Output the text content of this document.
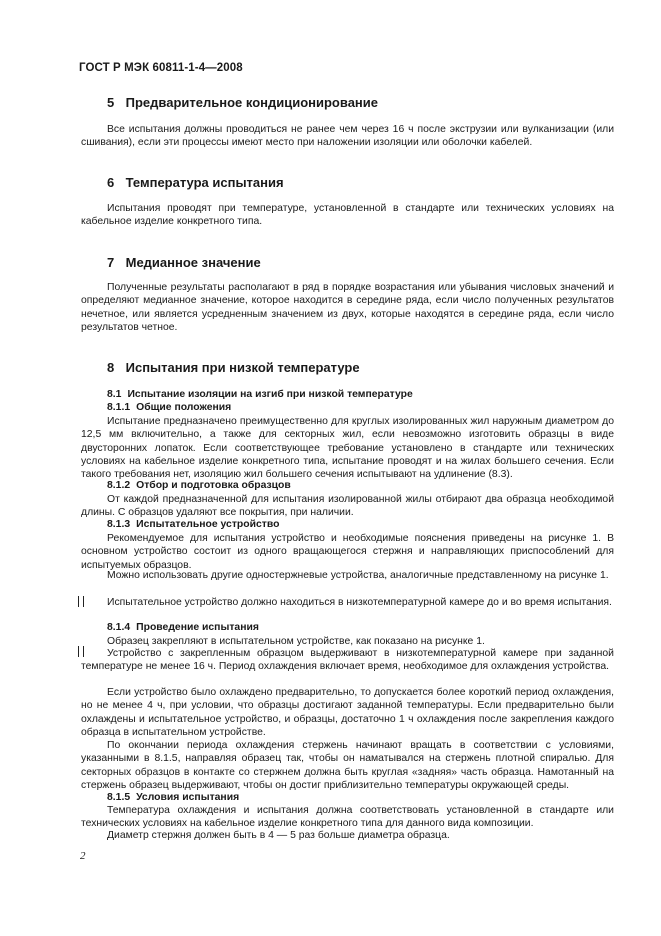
ГОСТ Р МЭК 60811-1-4—2008
5 Предварительное кондиционирование

Все испытания должны проводиться не ранее чем через 16 ч после экструзии или вулканизации (или сшивания), если эти процессы имеют место при наложении изоляции или оболочки кабелей.

6 Температура испытания

Испытания проводят при температуре, установленной в стандарте или технических условиях на кабельное изделие конкретного типа.

7 Медианное значение

Полученные результаты располагают в ряд в порядке возрастания или убывания числовых значений и определяют медианное значение, которое находится в середине ряда, если число полученных результатов нечетное, или является усредненным значением из двух, которые находятся в середине ряда, если число результатов четное.

8 Испытания при низкой температуре
8.1 Испытание изоляции на изгиб при низкой температуре
8.1.1 Общие положения

Испытание предназначено преимущественно для круглых изолированных жил наружным диаметром до 12,5 мм включительно, а также для секторных жил, если невозможно изготовить образцы в виде двусторонних лопаток. Если соответствующее требование установлено в стандарте или технических условиях на кабельное изделие конкретного типа, испытание проводят и на жилах большего сечения. Если такого требования нет, изоляцию жил большего сечения испытывают на удлинение (8.3).

8.1.2 Отбор и подготовка образцов

От каждой предназначенной для испытания изолированной жилы отбирают два образца необходимой длины. С образцов удаляют все покрытия, при наличии.

8.1.3 Испытательное устройство

Рекомендуемое для испытания устройство и необходимые пояснения приведены на рисунке 1. В основном устройство состоит из одного вращающегося стержня и направляющих приспособлений для испытуемых образцов.

Можно использовать другие одностержневые устройства, аналогичные представленному на рисунке 1.

Испытательное устройство должно находиться в низкотемпературной камере до и во время испытания.

8.1.4 Проведение испытания

Образец закрепляют в испытательном устройстве, как показано на рисунке 1.

Устройство с закрепленным образцом выдерживают в низкотемпературной камере при заданной температуре не менее 16 ч. Период охлаждения включает время, необходимое для охлаждения устройства.

Если устройство было охлаждено предварительно, то допускается более короткий период охлаждения, но не менее 4 ч, при условии, что образцы достигают заданной температуры. Если предварительно были охлаждены и испытательное устройство, и образцы, достаточно 1 ч охлаждения после закрепления каждого образца в испытательном устройстве.

По окончании периода охлаждения стержень начинают вращать в соответствии с условиями, указанными в 8.1.5, направляя образец так, чтобы он наматывался на стержень плотной спиралью. Для секторных образцов в контакте со стержнем должна быть круглая «задняя» часть образца. Намотанный на стержень образец выдерживают, чтобы он достиг приблизительно температуры окружающей среды.

8.1.5 Условия испытания

Температура охлаждения и испытания должна соответствовать установленной в стандарте или технических условиях на кабельное изделие конкретного типа для данного вида композиции.

Диаметр стержня должен быть в 4 — 5 раз больше диаметра образца.

2
